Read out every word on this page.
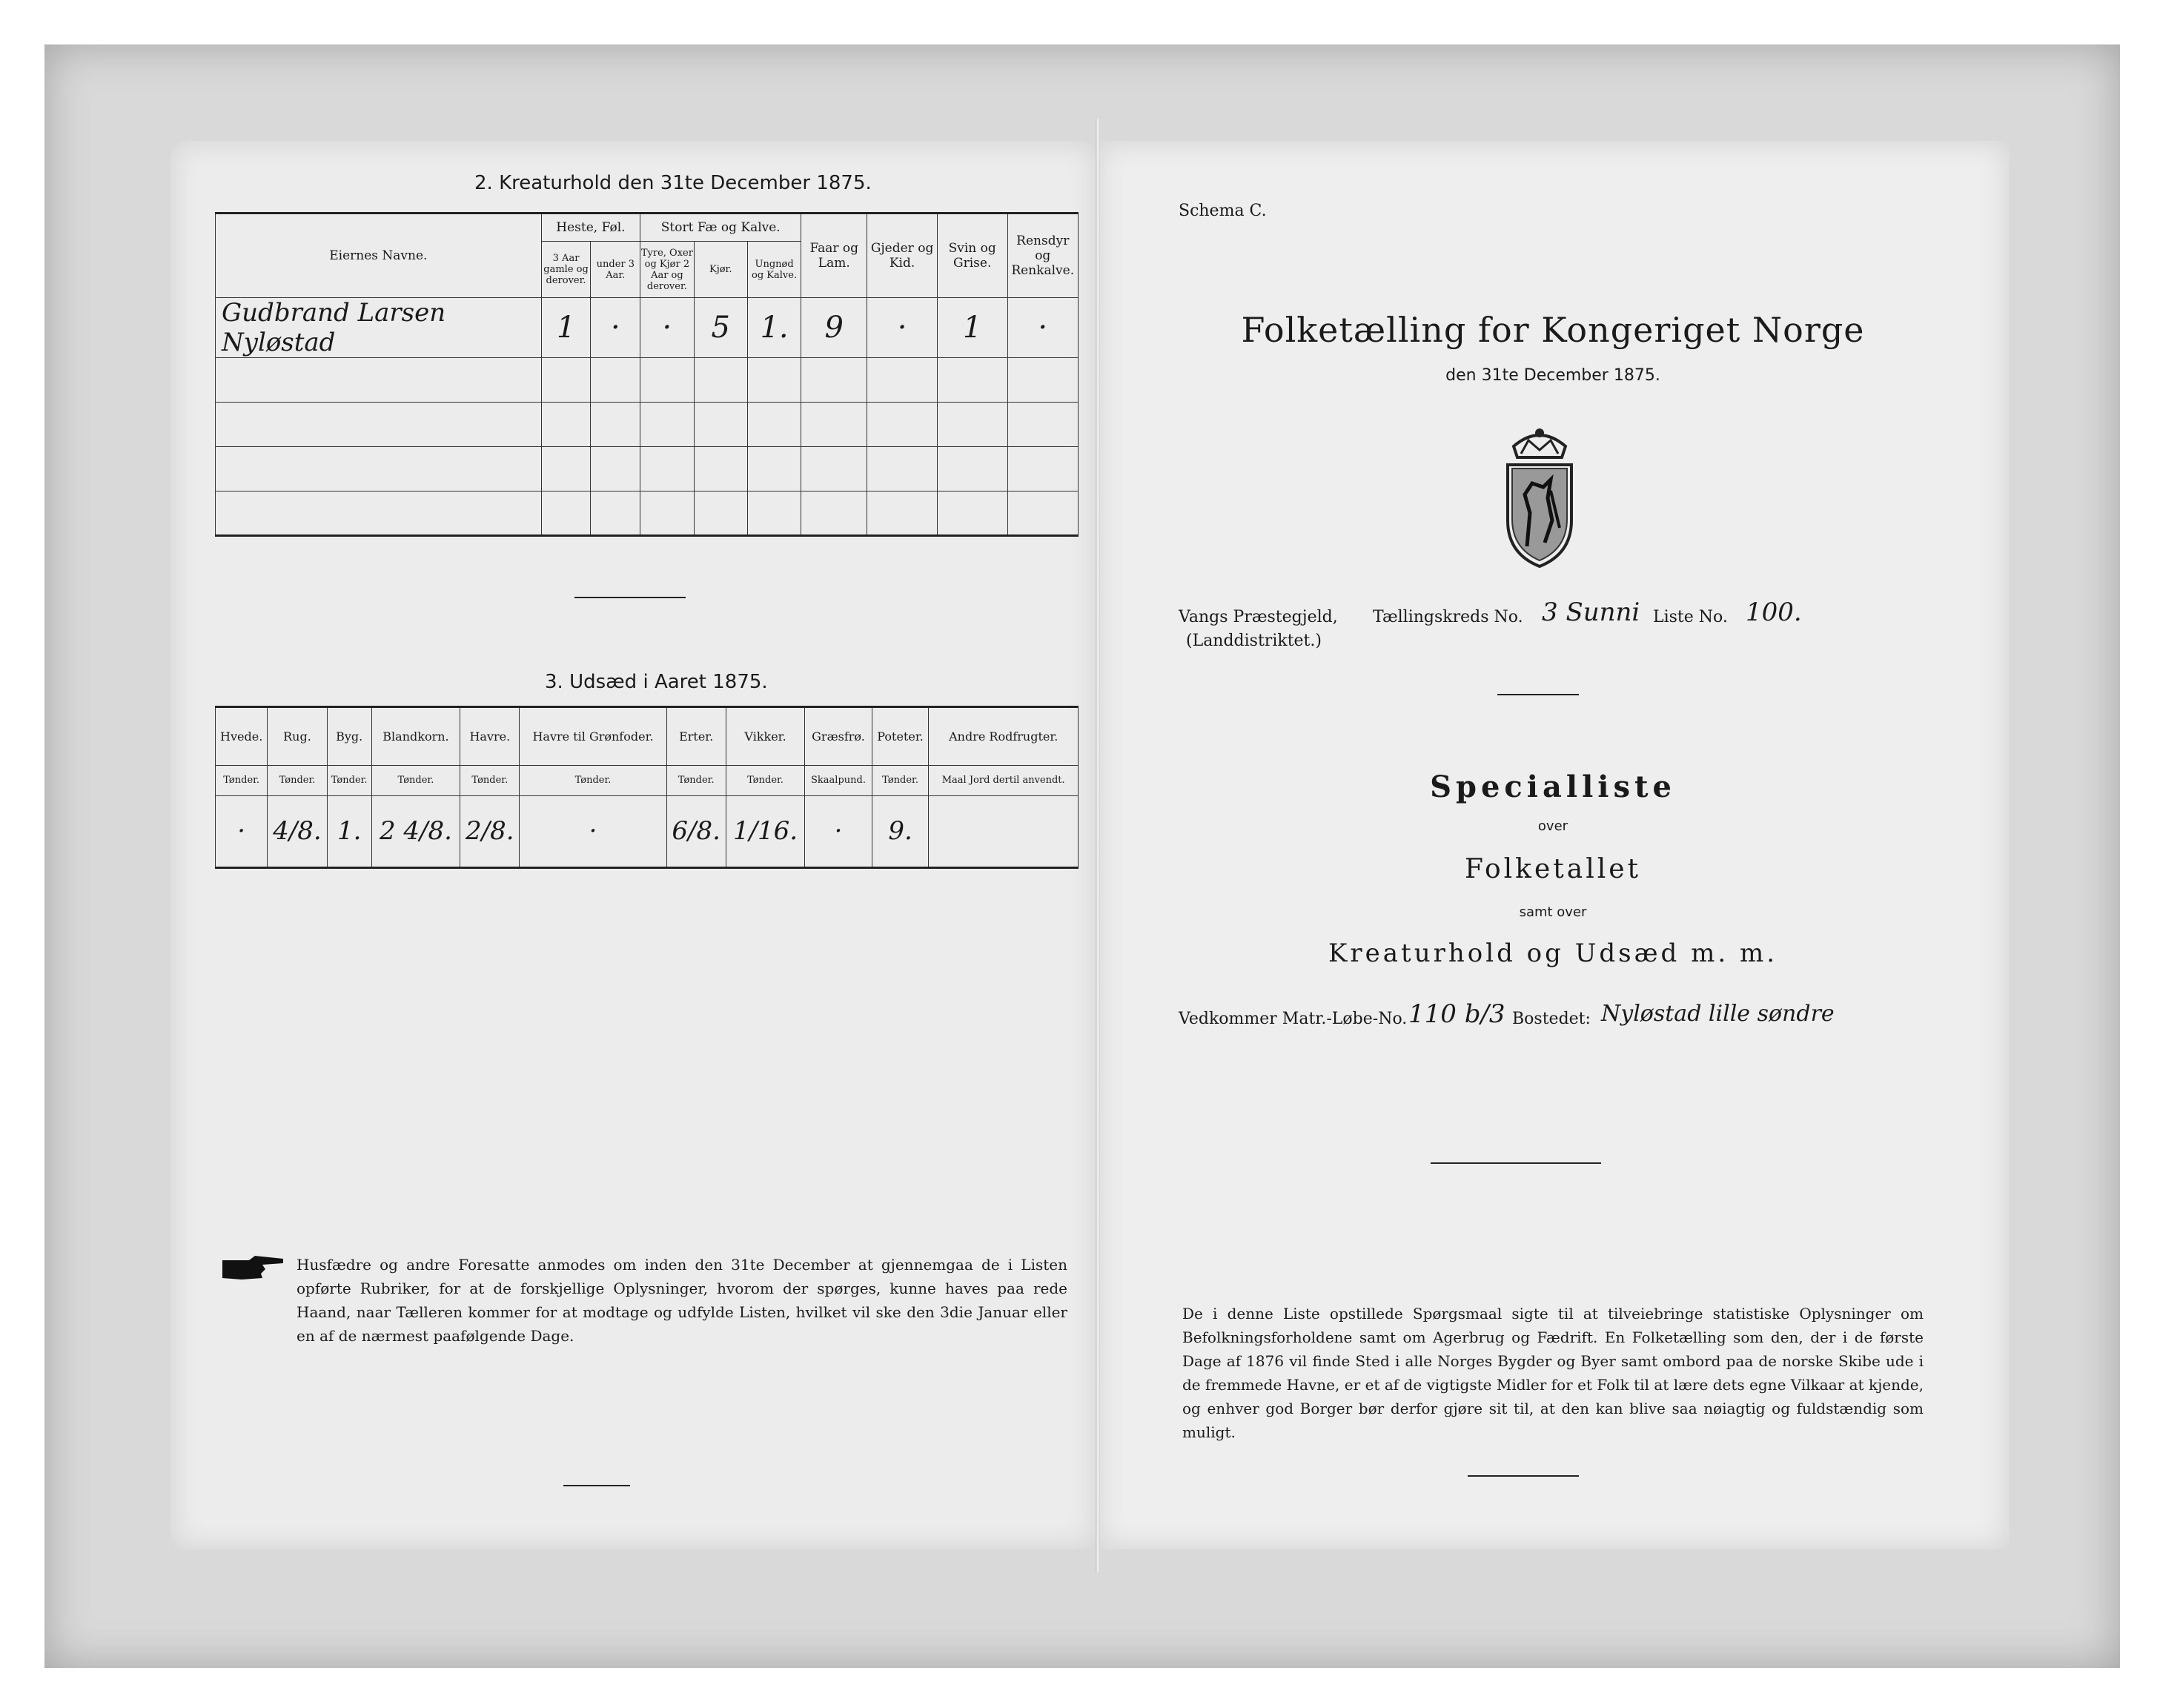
2. Kreaturhold den 31te December 1875.
Eiernes Navne.	Heste, Føl.		Stort Fæ og Kalve.			Faar og Lam.	Gjeder og Kid.	Svin og Grise.	Rensdyr og Renkalve.
	3 Aar gamle og derover.	under 3 Aar.	Tyre, Oxer og Kjør 2 Aar og derover.	Kjør.	Ungnød og Kalve.				
Gudbrand Larsen Nyløstad	1	·	·	5	1.	9	·	1	·

3. Udsæd i Aaret 1875.
Hvede.	Rug.	Byg.	Blandkorn.	Havre.	Havre til Grønfoder.	Erter.	Vikker.	Græsfrø.	Poteter.	Andre Rodfrugter.
Tønder.	Tønder.	Tønder.	Tønder.	Tønder.	Tønder.	Tønder.	Tønder.	Skaalpund.	Tønder.	Maal Jord dertil anvendt.
·	4/8.	1.	2 4/8.	2/8.	·	6/8.	1/16.	·	9.	
Husfædre og andre Foresatte anmodes om inden den 31te December at gjennemgaa de i Listen opførte Rubriker, for at de forskjellige Oplysninger, hvorom der spørges, kunne haves paa rede Haand, naar Tælleren kommer for at modtage og udfylde Listen, hvilket vil ske den 3die Januar eller en af de nærmest paafølgende Dage.
Schema C.
Folketælling for Kongeriget Norge
den 31te December 1875.
Vangs Præstegjeld, Tællingskreds No. 3 Sunni Liste No. 100.
(Landdistriktet.)
Specialliste
over
Folketallet
samt over
Kreaturhold og Udsæd m. m.
Vedkommer Matr.-Løbe-No. 110 b/3 Bostedet: Nyløstad lille søndre
De i denne Liste opstillede Spørgsmaal sigte til at tilveiebringe statistiske Oplysninger om Befolkningsforholdene samt om Agerbrug og Fædrift. En Folketælling som den, der i de første Dage af 1876 vil finde Sted i alle Norges Bygder og Byer samt ombord paa de norske Skibe ude i de fremmede Havne, er et af de vigtigste Midler for et Folk til at lære dets egne Vilkaar at kjende, og enhver god Borger bør derfor gjøre sit til, at den kan blive saa nøiagtig og fuldstændig som muligt.
